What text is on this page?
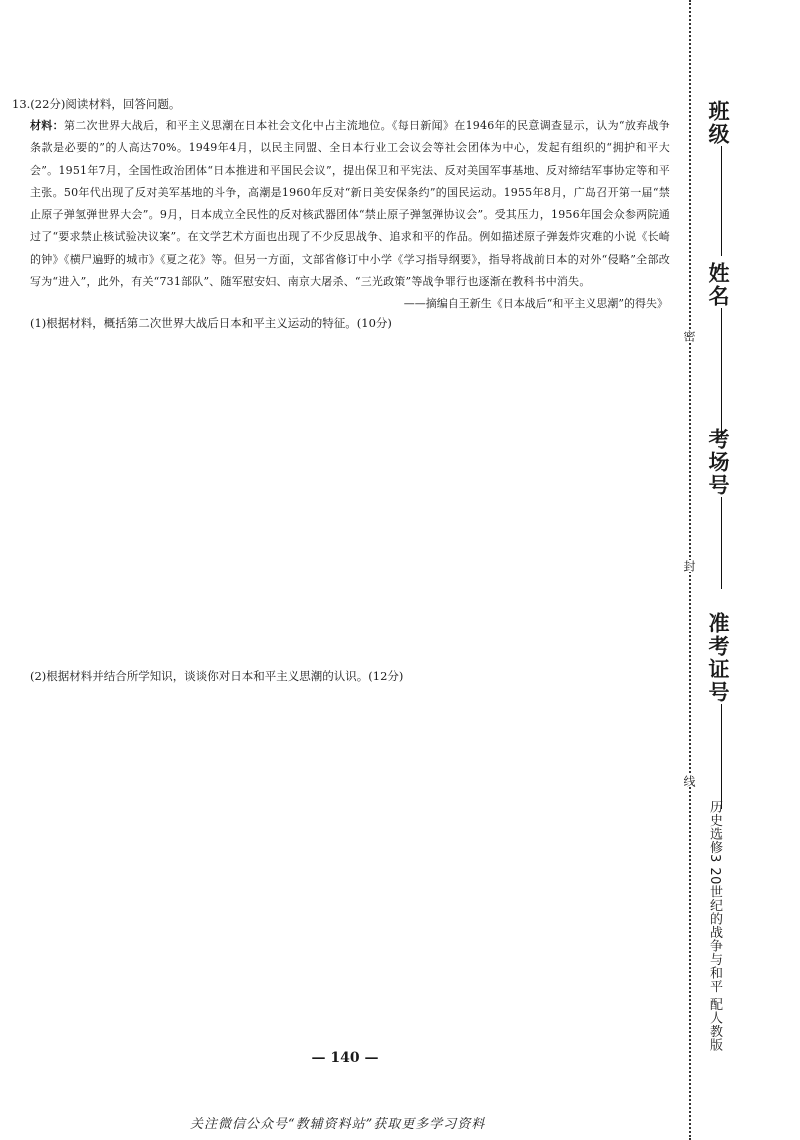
13.(22分)阅读材料，回答问题。
材料：第二次世界大战后，和平主义思潮在日本社会文化中占主流地位。《每日新闻》在1946年的民意调查显示，认为“放弃战争条款是必要的”的人高达70%。1949年4月，以民主同盟、全日本行业工会议会等社会团体为中心，发起有组织的“拥护和平大会”。1951年7月，全国性政治团体“日本推进和平国民会议”，提出保卫和平宪法、反对美国军事基地、反对缔结军事协定等和平主张。50年代出现了反对美军基地的斗争，高潮是1960年反对“新日美安保条约”的国民运动。1955年8月，广岛召开第一届“禁止原子弹氢弹世界大会”。9月，日本成立全民性的反对核武器团体“禁止原子弹氢弹协议会”。受其压力，1956年国会众参两院通过了“要求禁止核试验决议案”。在文学艺术方面也出现了不少反思战争、追求和平的作品。例如描述原子弹轰炸灾难的小说《长崎的钟》《横尸遍野的城市》《夏之花》等。但另一方面，文部省修订中小学《学习指导纲要》，指导将战前日本的对外“侵略”全部改写为“进入”，此外，有关“731部队”、随军慰安妇、南京大屠杀、“三光政策”等战争罪行也逐渐在教科书中消失。
——摘编自王新生《日本战后“和平主义思潮”的得失》
(1)根据材料，概括第二次世界大战后日本和平主义运动的特征。(10分)
(2)根据材料并结合所学知识，谈谈你对日本和平主义思潮的认识。(12分)
— 140 —
关注微信公众号“教辅资料站”获取更多学习资料
密
封
线
班级
姓名
考场号
准考证号
历史选修3 20世纪的战争与和平 配人教版
